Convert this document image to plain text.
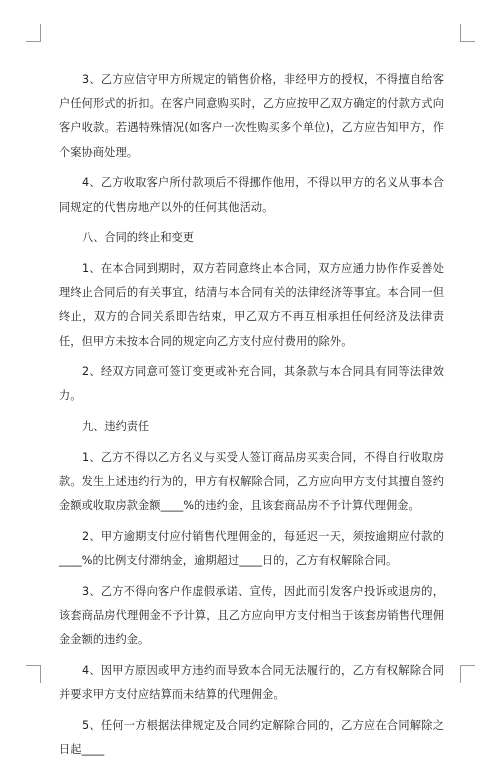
3、乙方应信守甲方所规定的销售价格，非经甲方的授权，不得擅自给客户任何形式的折扣。在客户同意购买时，乙方应按甲乙双方确定的付款方式向客户收款。若遇特殊情况(如客户一次性购买多个单位)，乙方应告知甲方，作个案协商处理。

4、乙方收取客户所付款项后不得挪作他用，不得以甲方的名义从事本合同规定的代售房地产以外的任何其他活动。

八、合同的终止和变更

1、在本合同到期时，双方若同意终止本合同，双方应通力协作作妥善处理终止合同后的有关事宜，结清与本合同有关的法律经济等事宜。本合同一但终止，双方的合同关系即告结束，甲乙双方不再互相承担任何经济及法律责任，但甲方未按本合同的规定向乙方支付应付费用的除外。

2、经双方同意可签订变更或补充合同，其条款与本合同具有同等法律效力。

九、违约责任

1、乙方不得以乙方名义与买受人签订商品房买卖合同，不得自行收取房款。发生上述违约行为的，甲方有权解除合同，乙方应向甲方支付其擅自签约金额或收取房款金额____%的违约金，且该套商品房不予计算代理佣金。

2、甲方逾期支付应付销售代理佣金的，每延迟一天，须按逾期应付款的____%的比例支付滞纳金，逾期超过____日的，乙方有权解除合同。

3、乙方不得向客户作虚假承诺、宣传，因此而引发客户投诉或退房的，该套商品房代理佣金不予计算，且乙方应向甲方支付相当于该套房销售代理佣金金额的违约金。

4、因甲方原因或甲方违约而导致本合同无法履行的，乙方有权解除合同并要求甲方支付应结算而未结算的代理佣金。

5、任何一方根据法律规定及合同约定解除合同的，乙方应在合同解除之日起____
